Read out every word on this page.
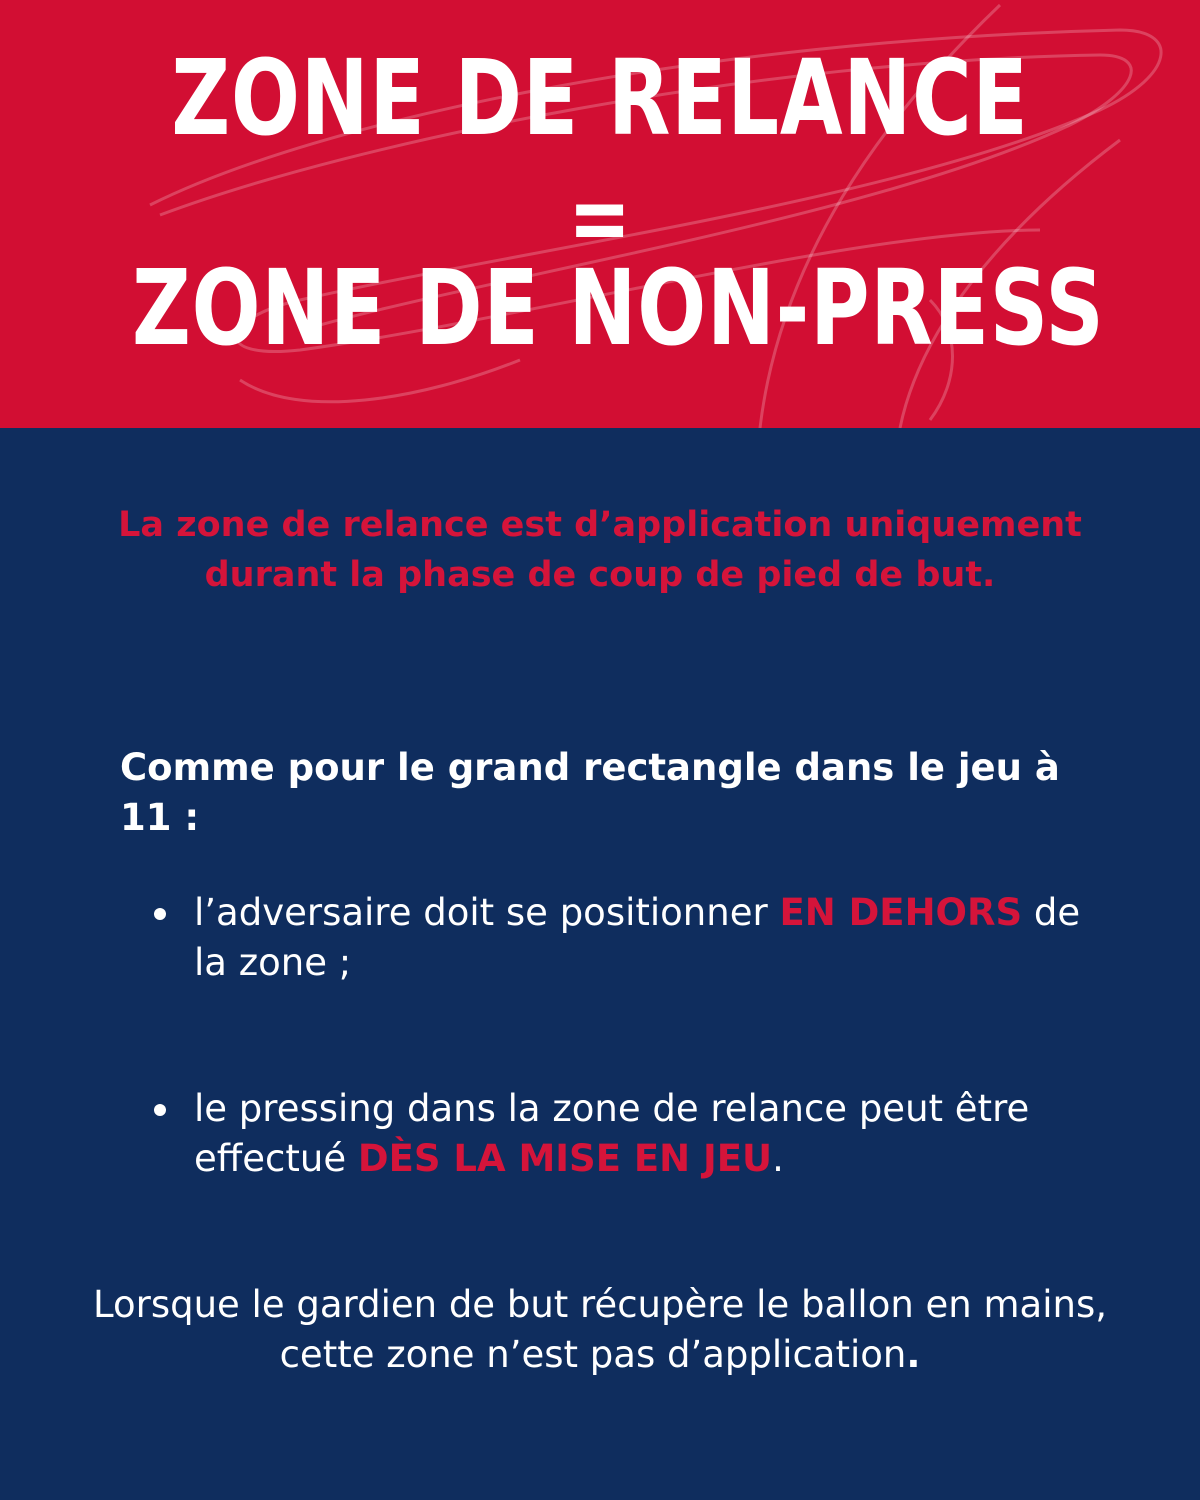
ZONE DE RELANCE
=
ZONE DE NON-PRESS
La zone de relance est d’application uniquement durant la phase de coup de pied de but.
Comme pour le grand rectangle dans le jeu à 11 :
l’adversaire doit se positionner EN DEHORS de la zone ;
le pressing dans la zone de relance peut être effectué DÈS LA MISE EN JEU.
Lorsque le gardien de but récupère le ballon en mains, cette zone n’est pas d’application.
